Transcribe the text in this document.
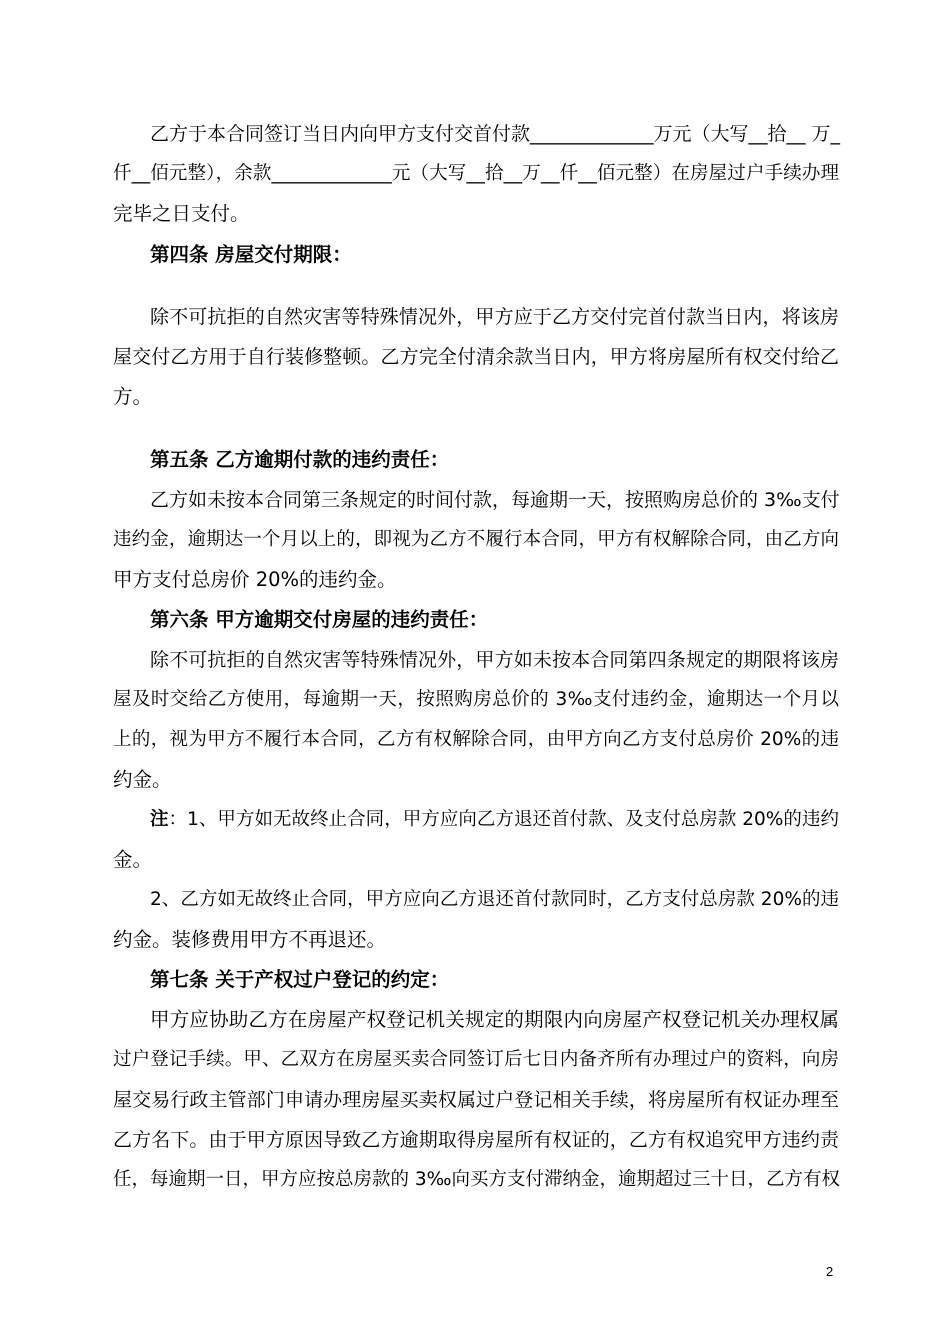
乙方于本合同签订当日内向甲方支付交首付款_____________万元（大写__拾__ 万_
仟__佰元整），余款_____________元（大写__拾__万__仟__佰元整）在房屋过户手续办理
完毕之日支付。
第四条 房屋交付期限：
除不可抗拒的自然灾害等特殊情况外，甲方应于乙方交付完首付款当日内，将该房
屋交付乙方用于自行装修整顿。乙方完全付清余款当日内，甲方将房屋所有权交付给乙
方。
第五条 乙方逾期付款的违约责任：
乙方如未按本合同第三条规定的时间付款，每逾期一天，按照购房总价的 3‰支付
违约金，逾期达一个月以上的，即视为乙方不履行本合同，甲方有权解除合同，由乙方向
甲方支付总房价 20%的违约金。
第六条 甲方逾期交付房屋的违约责任：
除不可抗拒的自然灾害等特殊情况外，甲方如未按本合同第四条规定的期限将该房
屋及时交给乙方使用，每逾期一天，按照购房总价的 3‰支付违约金，逾期达一个月以
上的，视为甲方不履行本合同，乙方有权解除合同，由甲方向乙方支付总房价 20%的违
约金。
注：1、甲方如无故终止合同，甲方应向乙方退还首付款、及支付总房款 20%的违约
金。
2、乙方如无故终止合同，甲方应向乙方退还首付款同时，乙方支付总房款 20%的违
约金。装修费用甲方不再退还。
第七条 关于产权过户登记的约定：
甲方应协助乙方在房屋产权登记机关规定的期限内向房屋产权登记机关办理权属
过户登记手续。甲、乙双方在房屋买卖合同签订后七日内备齐所有办理过户的资料，向房
屋交易行政主管部门申请办理房屋买卖权属过户登记相关手续，将房屋所有权证办理至
乙方名下。由于甲方原因导致乙方逾期取得房屋所有权证的，乙方有权追究甲方违约责
任，每逾期一日，甲方应按总房款的 3‰向买方支付滞纳金，逾期超过三十日，乙方有权
2
